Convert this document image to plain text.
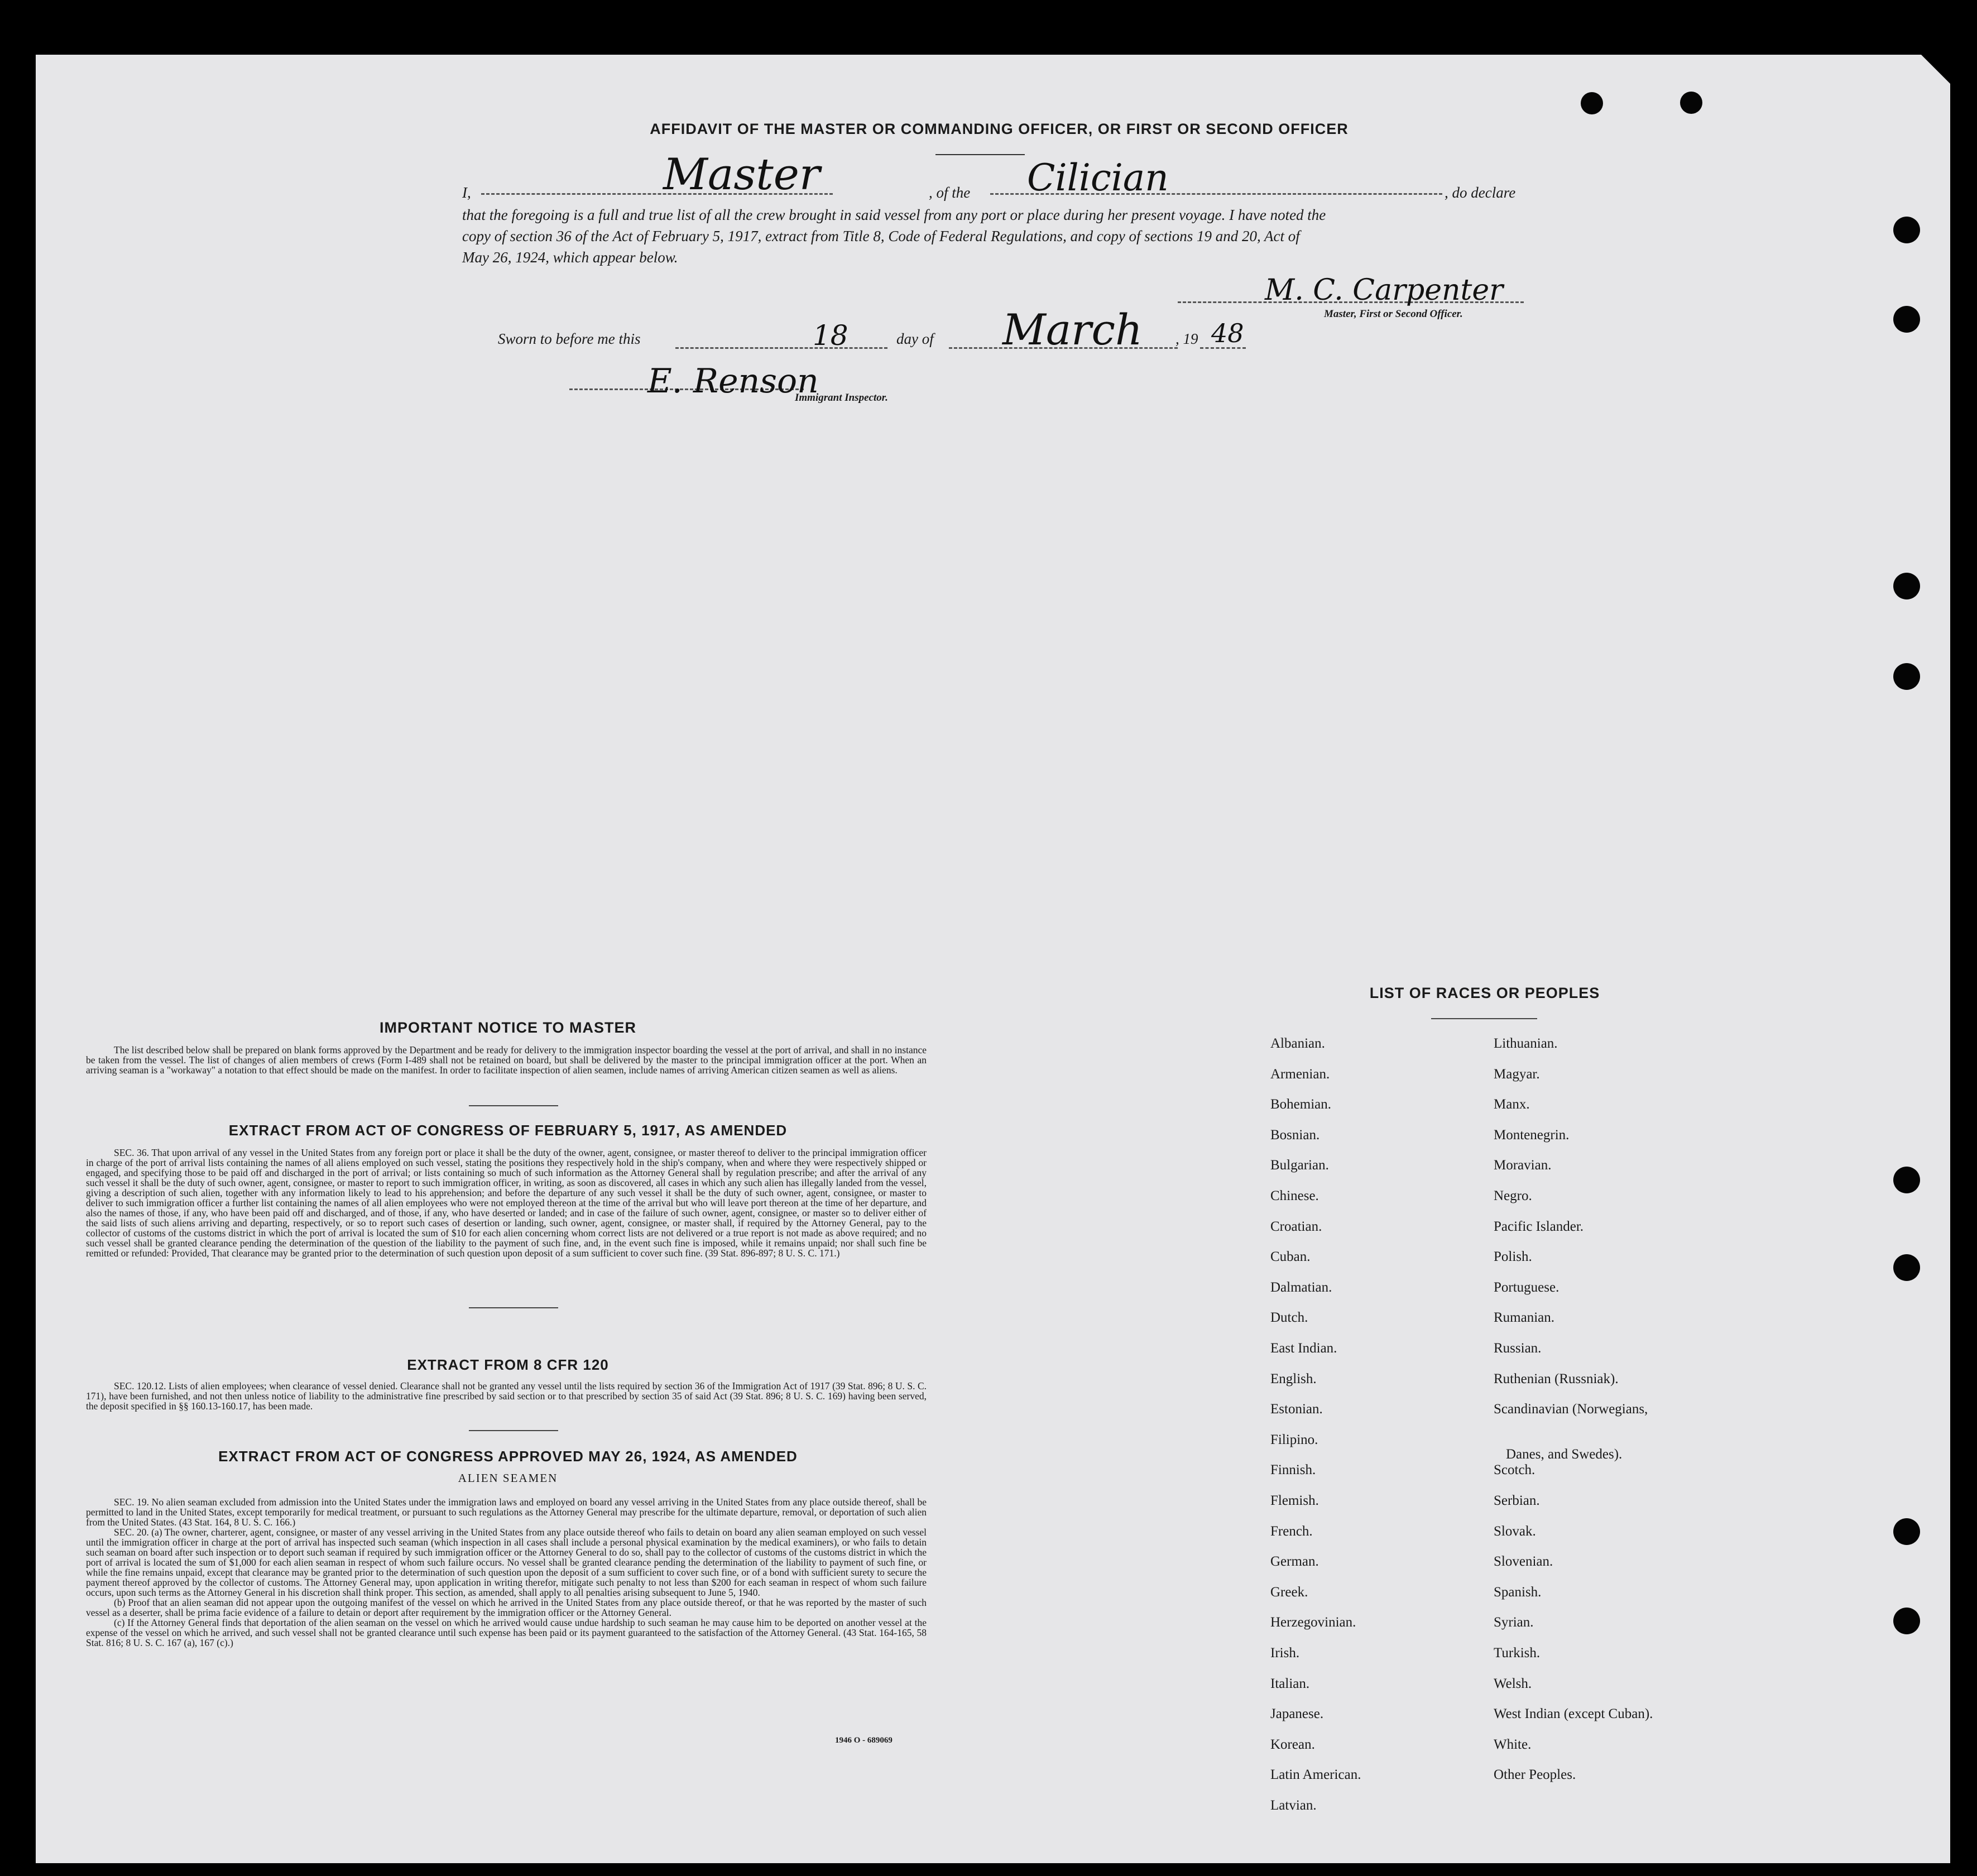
AFFIDAVIT OF THE MASTER OR COMMANDING OFFICER, OR FIRST OR SECOND OFFICER
I,	Master	, of the Cilician	, do declare
that the foregoing is a full and true list of all the crew brought in said vessel from any port or place during her present voyage. I have noted the
copy of section 36 of the Act of February 5, 1917, extract from Title 8, Code of Federal Regulations, and copy of sections 19 and 20, Act of
May 26, 1924, which appear below.
M. C. Carpenter
Master, First or Second Officer.
Sworn to before me this	18	day of March , 19 48
E. Renson
Immigrant Inspector.
IMPORTANT NOTICE TO MASTER
The list described below shall be prepared on blank forms approved by the Department and be ready for delivery to the immigration inspector boarding the vessel at the port of arrival, and shall in no instance be taken from the vessel. The list of changes of alien members of crews (Form I-489 shall not be retained on board, but shall be delivered by the master to the principal immigration officer at the port. When an arriving seaman is a "workaway" a notation to that effect should be made on the manifest. In order to facilitate inspection of alien seamen, include names of arriving American citizen seamen as well as aliens.
EXTRACT FROM ACT OF CONGRESS OF FEBRUARY 5, 1917, AS AMENDED
SEC. 36. That upon arrival of any vessel in the United States from any foreign port or place it shall be the duty of the owner, agent, consignee, or master thereof to deliver to the principal immigration officer in charge of the port of arrival lists containing the names of all aliens employed on such vessel, stating the positions they respectively hold in the ship's company, when and where they were respectively shipped or engaged, and specifying those to be paid off and discharged in the port of arrival; or lists containing so much of such information as the Attorney General shall by regulation prescribe; and after the arrival of any such vessel it shall be the duty of such owner, agent, consignee, or master to report to such immigration officer, in writing, as soon as discovered, all cases in which any such alien has illegally landed from the vessel, giving a description of such alien, together with any information likely to lead to his apprehension; and before the departure of any such vessel it shall be the duty of such owner, agent, consignee, or master to deliver to such immigration officer a further list containing the names of all alien employees who were not employed thereon at the time of the arrival but who will leave port thereon at the time of her departure, and also the names of those, if any, who have been paid off and discharged, and of those, if any, who have deserted or landed; and in case of the failure of such owner, agent, consignee, or master so to deliver either of the said lists of such aliens arriving and departing, respectively, or so to report such cases of desertion or landing, such owner, agent, consignee, or master shall, if required by the Attorney General, pay to the collector of customs of the customs district in which the port of arrival is located the sum of $10 for each alien concerning whom correct lists are not delivered or a true report is not made as above required; and no such vessel shall be granted clearance pending the determination of the question of the liability to the payment of such fine, and, in the event such fine is imposed, while it remains unpaid; nor shall such fine be remitted or refunded: Provided, That clearance may be granted prior to the determination of such question upon deposit of a sum sufficient to cover such fine. (39 Stat. 896-897; 8 U. S. C. 171.)
EXTRACT FROM 8 CFR 120
SEC. 120.12. Lists of alien employees; when clearance of vessel denied. Clearance shall not be granted any vessel until the lists required by section 36 of the Immigration Act of 1917 (39 Stat. 896; 8 U. S. C. 171), have been furnished, and not then unless notice of liability to the administrative fine prescribed by said section or to that prescribed by section 35 of said Act (39 Stat. 896; 8 U. S. C. 169) having been served, the deposit specified in §§ 160.13-160.17, has been made.
EXTRACT FROM ACT OF CONGRESS APPROVED MAY 26, 1924, AS AMENDED
ALIEN SEAMEN
SEC. 19. No alien seaman excluded from admission into the United States under the immigration laws and employed on board any vessel arriving in the United States from any place outside thereof, shall be permitted to land in the United States, except temporarily for medical treatment, or pursuant to such regulations as the Attorney General may prescribe for the ultimate departure, removal, or deportation of such alien from the United States. (43 Stat. 164, 8 U. S. C. 166.)
SEC. 20. (a) The owner, charterer, agent, consignee, or master of any vessel arriving in the United States from any place outside thereof who fails to detain on board any alien seaman employed on such vessel until the immigration officer in charge at the port of arrival has inspected such seaman (which inspection in all cases shall include a personal physical examination by the medical examiners), or who fails to detain such seaman on board after such inspection or to deport such seaman if required by such immigration officer or the Attorney General to do so, shall pay to the collector of customs of the customs district in which the port of arrival is located the sum of $1,000 for each alien seaman in respect of whom such failure occurs. No vessel shall be granted clearance pending the determination of the liability to payment of such fine, or while the fine remains unpaid, except that clearance may be granted prior to the determination of such question upon the deposit of a sum sufficient to cover such fine, or of a bond with sufficient surety to secure the payment thereof approved by the collector of customs. The Attorney General may, upon application in writing therefor, mitigate such penalty to not less than $200 for each seaman in respect of whom such failure occurs, upon such terms as the Attorney General in his discretion shall think proper. This section, as amended, shall apply to all penalties arising subsequent to June 5, 1940.
(b) Proof that an alien seaman did not appear upon the outgoing manifest of the vessel on which he arrived in the United States from any place outside thereof, or that he was reported by the master of such vessel as a deserter, shall be prima facie evidence of a failure to detain or deport after requirement by the immigration officer or the Attorney General.
(c) If the Attorney General finds that deportation of the alien seaman on the vessel on which he arrived would cause undue hardship to such seaman he may cause him to be deported on another vessel at the expense of the vessel on which he arrived, and such vessel shall not be granted clearance until such expense has been paid or its payment guaranteed to the satisfaction of the Attorney General. (43 Stat. 164-165, 58 Stat. 816; 8 U. S. C. 167 (a), 167 (c).)
1946 O - 689069
LIST OF RACES OR PEOPLES
Albanian.
Armenian.
Bohemian.
Bosnian.
Bulgarian.
Chinese.
Croatian.
Cuban.
Dalmatian.
Dutch.
East Indian.
English.
Estonian.
Filipino.
Finnish.
Flemish.
French.
German.
Greek.
Herzegovinian.
Irish.
Italian.
Japanese.
Korean.
Latin American.
Latvian.
Lithuanian.
Magyar.
Manx.
Montenegrin.
Moravian.
Negro.
Pacific Islander.
Polish.
Portuguese.
Rumanian.
Russian.
Ruthenian (Russniak).
Scandinavian (Norwegians,
Danes, and Swedes).
Scotch.
Serbian.
Slovak.
Slovenian.
Spanish.
Syrian.
Turkish.
Welsh.
West Indian (except Cuban).
White.
Other Peoples.
